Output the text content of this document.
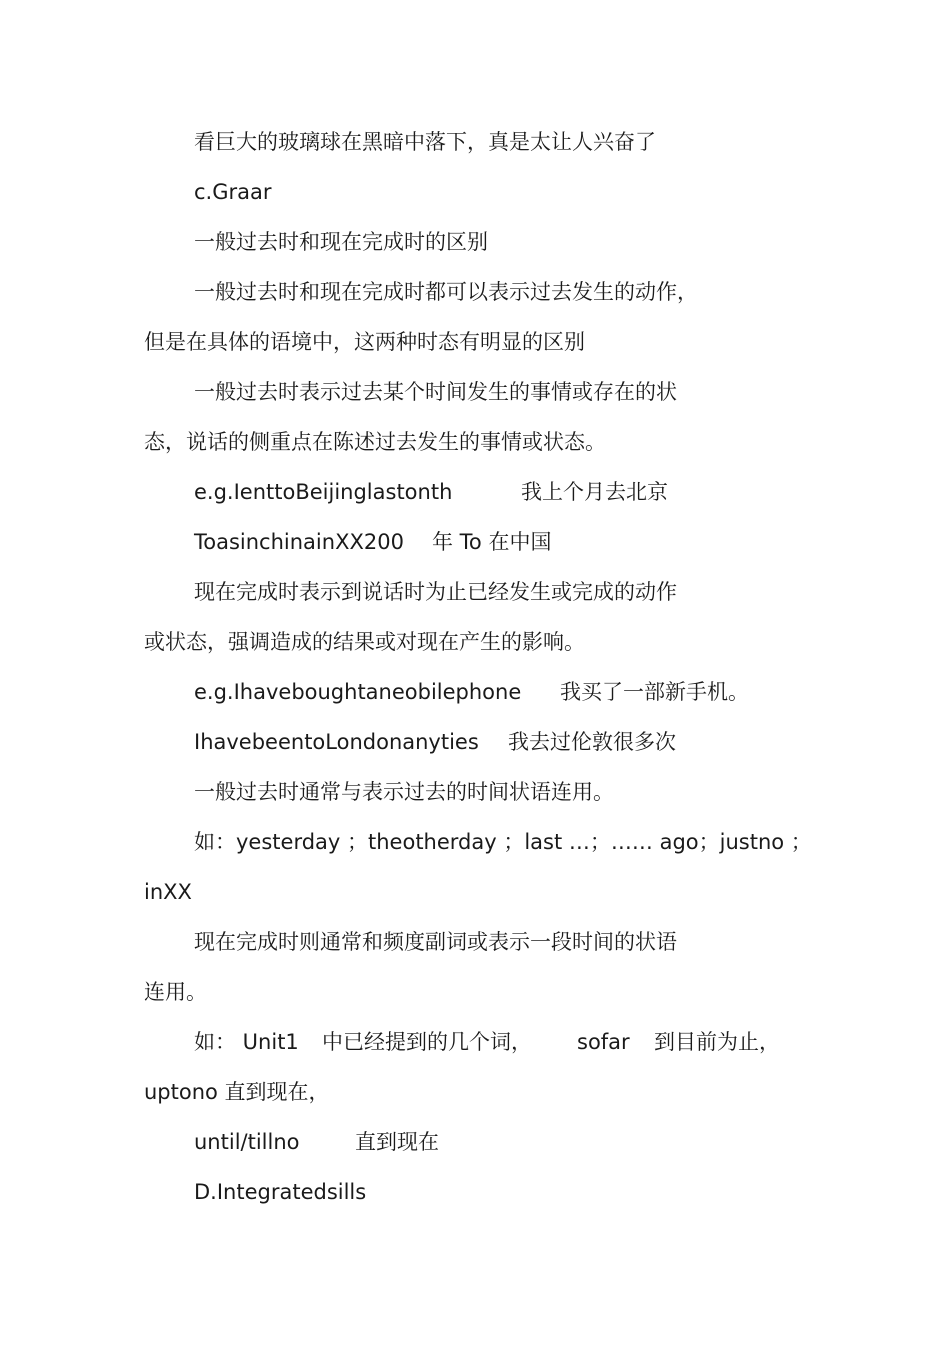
看巨大的玻璃球在黑暗中落下，真是太让人兴奋了
c.Graar
一般过去时和现在完成时的区别
一般过去时和现在完成时都可以表示过去发生的动作，
但是在具体的语境中，这两种时态有明显的区别
一般过去时表示过去某个时间发生的事情或存在的状
态，说话的侧重点在陈述过去发生的事情或状态。
e.g.IenttoBeijinglastonth	我上个月去北京
ToasinchinainXX200 年 To 在中国
现在完成时表示到说话时为止已经发生或完成的动作
或状态，强调造成的结果或对现在产生的影响。
e.g.Ihaveboughtaneobilephone 我买了一部新手机。
IhavebeentoLondonanyties 我去过伦敦很多次
一般过去时通常与表示过去的时间状语连用。
如：yesterday ；theotherday ；last …；…… ago；justno ；
inXX
现在完成时则通常和频度副词或表示一段时间的状语
连用。
如： Unit1 中已经提到的几个词， sofar 到目前为止，
uptono 直到现在，
until/tillno	直到现在
D.Integratedsills
